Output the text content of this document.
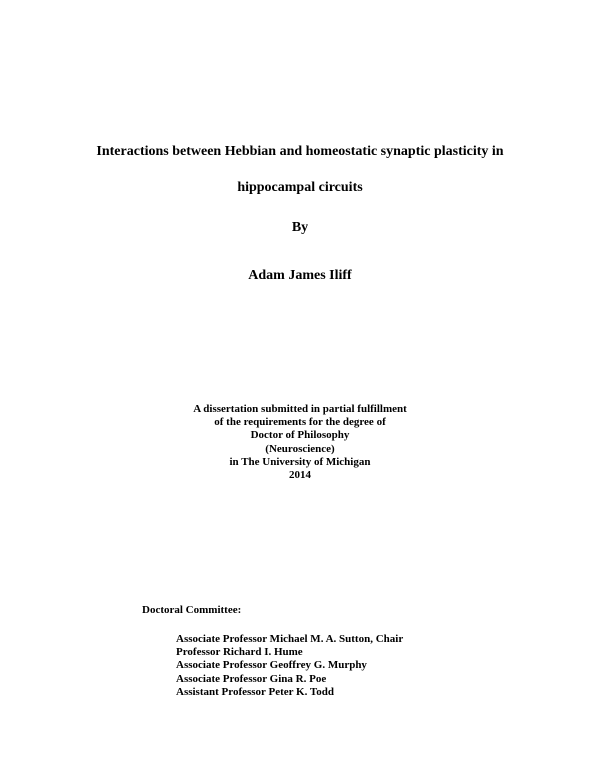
Interactions between Hebbian and homeostatic synaptic plasticity in
hippocampal circuits
By
Adam James Iliff
A dissertation submitted in partial fulfillment
of the requirements for the degree of
Doctor of Philosophy
(Neuroscience)
in The University of Michigan
2014
Doctoral Committee:
Associate Professor Michael M. A. Sutton, Chair
Professor Richard I. Hume
Associate Professor Geoffrey G. Murphy
Associate Professor Gina R. Poe
Assistant Professor Peter K. Todd
